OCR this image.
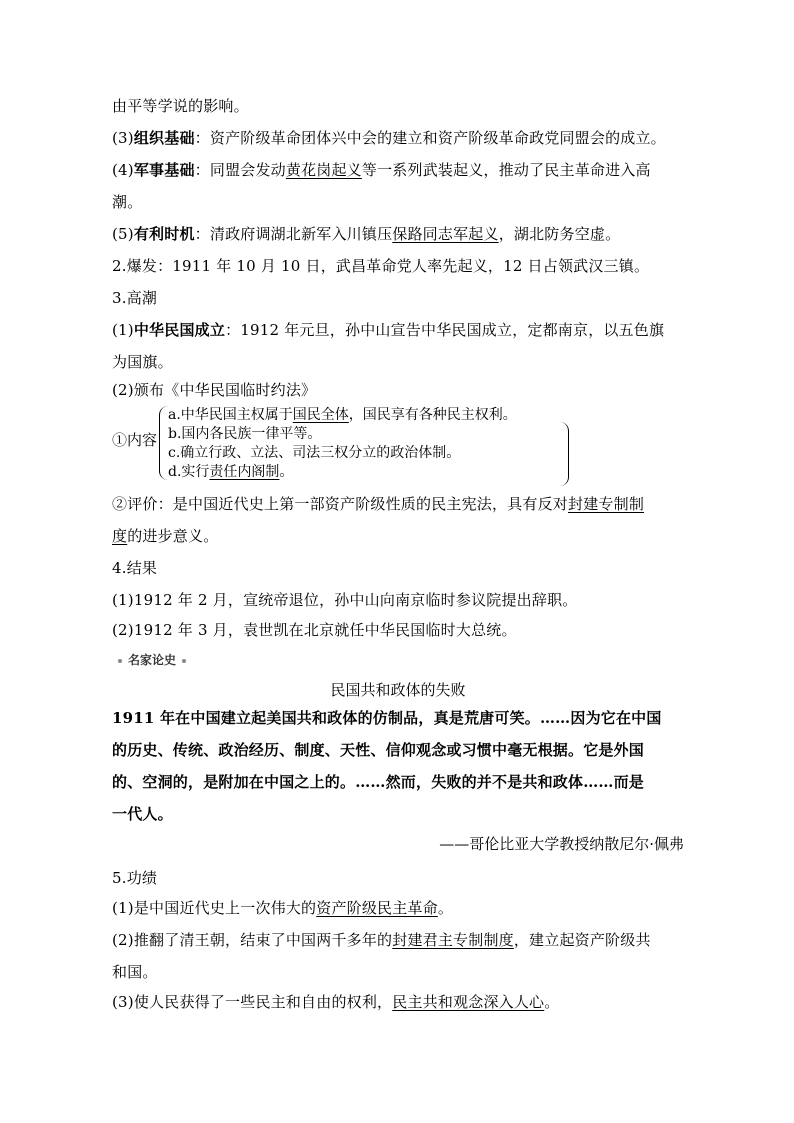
由平等学说的影响。
(3)组织基础：资产阶级革命团体兴中会的建立和资产阶级革命政党同盟会的成立。
(4)军事基础：同盟会发动黄花岗起义等一系列武装起义，推动了民主革命进入高
潮。
(5)有利时机：清政府调湖北新军入川镇压保路同志军起义，湖北防务空虚。
2.爆发：1911 年 10 月 10 日，武昌革命党人率先起义，12 日占领武汉三镇。
3.高潮
(1)中华民国成立：1912 年元旦，孙中山宣告中华民国成立，定都南京，以五色旗
为国旗。
(2)颁布《中华民国临时约法》
①内容
a.中华民国主权属于国民全体，国民享有各种民主权利。
b.国内各民族一律平等。
c.确立行政、立法、司法三权分立的政治体制。
d.实行责任内阁制。
②评价：是中国近代史上第一部资产阶级性质的民主宪法，具有反对封建专制制
度的进步意义。
4.结果
(1)1912 年 2 月，宣统帝退位，孙中山向南京临时参议院提出辞职。
(2)1912 年 3 月，袁世凯在北京就任中华民国临时大总统。
名家论史
民国共和政体的失败
1911 年在中国建立起美国共和政体的仿制品，真是荒唐可笑。……因为它在中国
的历史、传统、政治经历、制度、天性、信仰观念或习惯中毫无根据。它是外国
的、空洞的，是附加在中国之上的。……然而，失败的并不是共和政体……而是
一代人。
——哥伦比亚大学教授纳散尼尔·佩弗
5.功绩
(1)是中国近代史上一次伟大的资产阶级民主革命。
(2)推翻了清王朝，结束了中国两千多年的封建君主专制制度，建立起资产阶级共
和国。
(3)使人民获得了一些民主和自由的权利，民主共和观念深入人心。
